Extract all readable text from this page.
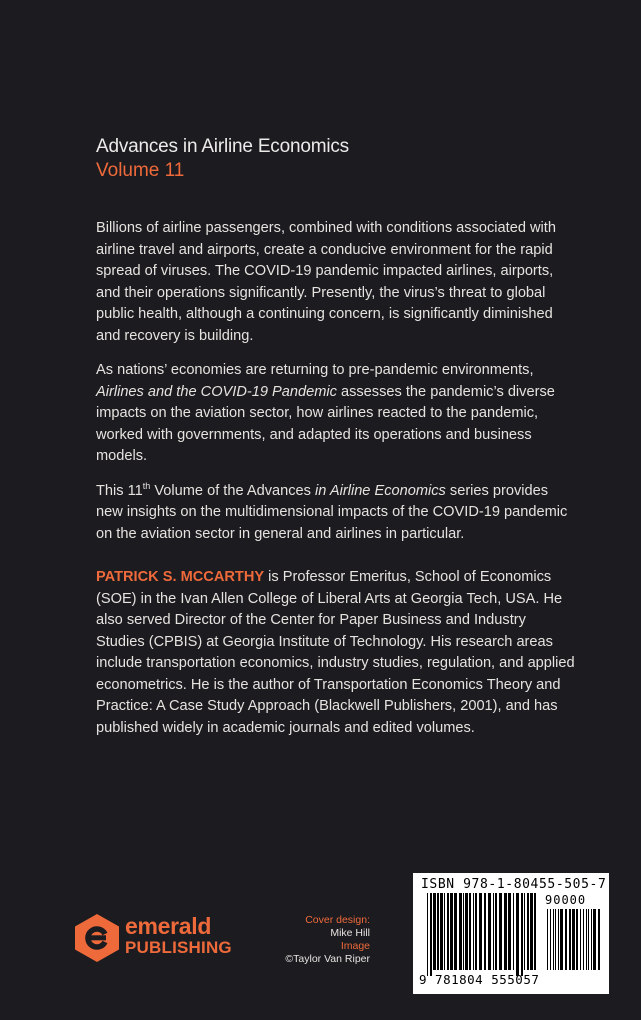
Advances in Airline Economics
Volume 11

Billions of airline passengers, combined with conditions associated with airline travel and airports, create a conducive environment for the rapid spread of viruses. The COVID-19 pandemic impacted airlines, airports, and their operations significantly. Presently, the virus’s threat to global public health, although a continuing concern, is significantly diminished and recovery is building.

As nations’ economies are returning to pre-pandemic environments, Airlines and the COVID-19 Pandemic assesses the pandemic’s diverse impacts on the aviation sector, how airlines reacted to the pandemic, worked with governments, and adapted its operations and business models.

This 11th Volume of the Advances in Airline Economics series provides new insights on the multidimensional impacts of the COVID-19 pandemic on the aviation sector in general and airlines in particular.

PATRICK S. MCCARTHY is Professor Emeritus, School of Economics (SOE) in the Ivan Allen College of Liberal Arts at Georgia Tech, USA. He also served Director of the Center for Paper Business and Industry Studies (CPBIS) at Georgia Institute of Technology. His research areas include transportation economics, industry studies, regulation, and applied econometrics. He is the author of Transportation Economics Theory and Practice: A Case Study Approach (Blackwell Publishers, 2001), and has published widely in academic journals and edited volumes.
emerald
PUBLISHING
Cover design:
Mike Hill
Image
©Taylor Van Riper
ISBN 978-1-80455-505-7
90000
9 781804 555057
